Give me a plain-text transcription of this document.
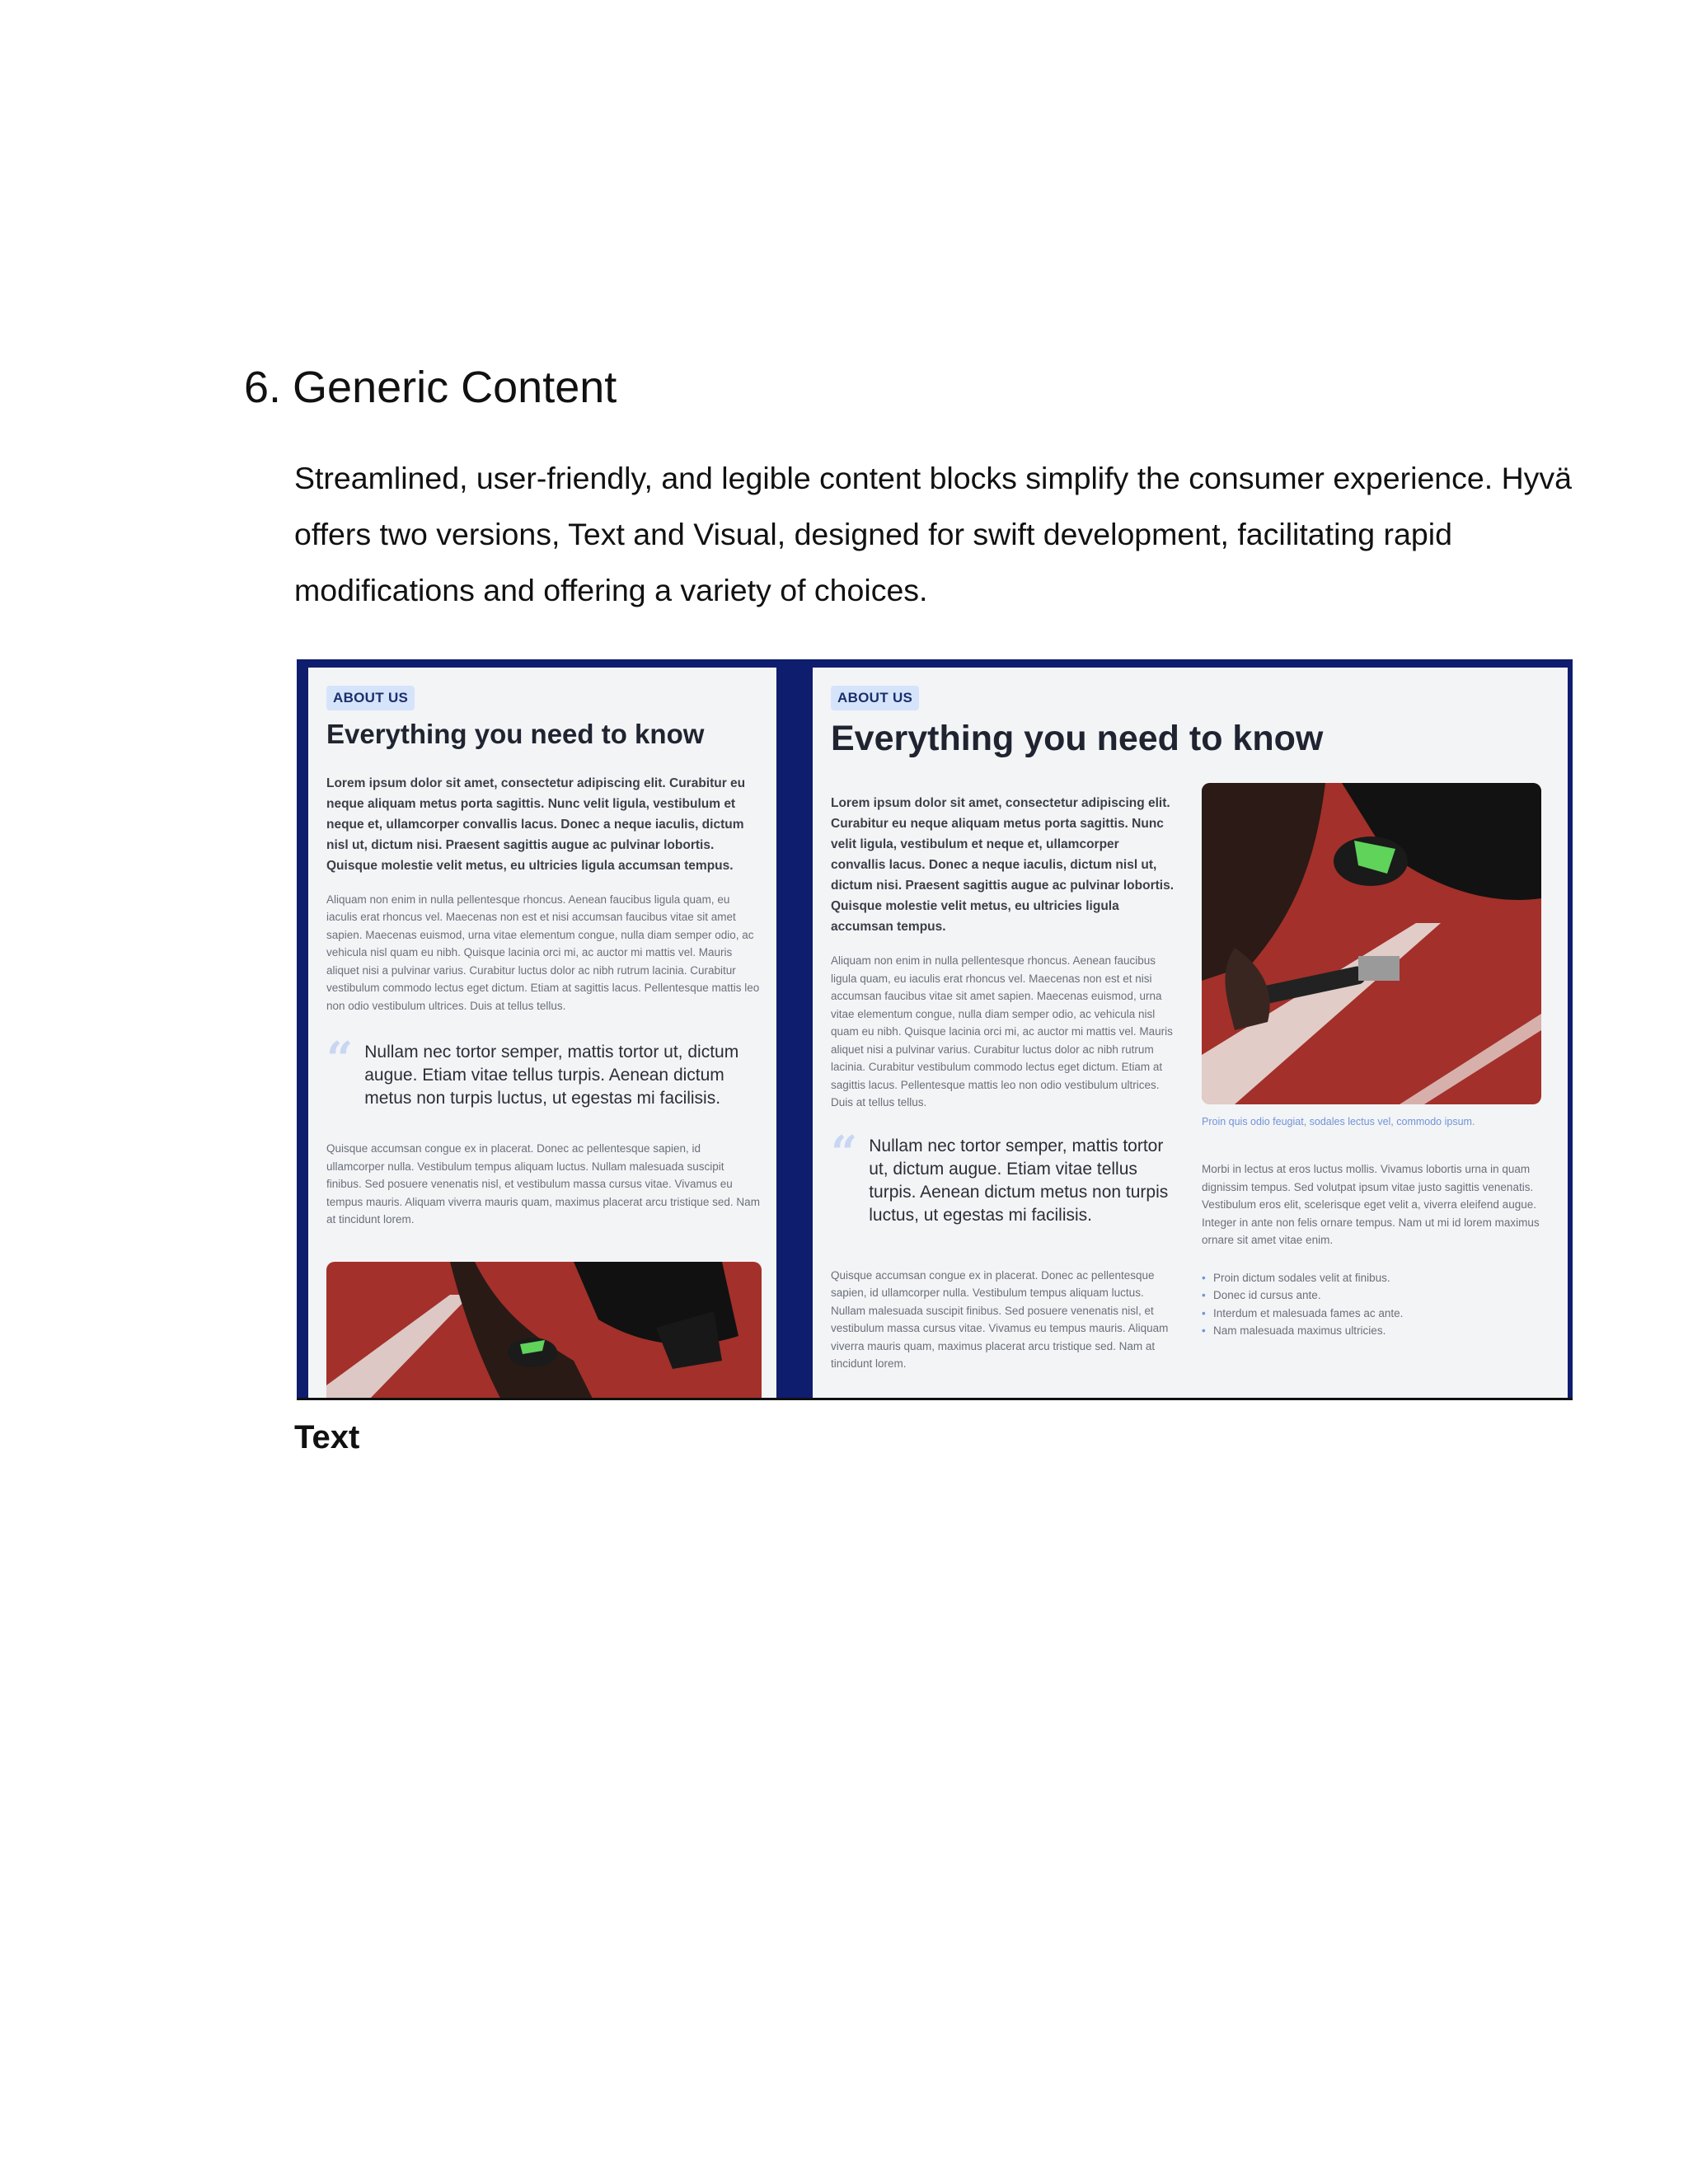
6. Generic Content

Streamlined, user-friendly, and legible content blocks simplify the consumer experience. Hyvä offers two versions, Text and Visual, designed for swift development, facilitating rapid modifications and offering a variety of choices.

ABOUT US
Everything you need to know
Lorem ipsum dolor sit amet, consectetur adipiscing elit. Curabitur eu neque aliquam metus porta sagittis. Nunc velit ligula, vestibulum et neque et, ullamcorper convallis lacus. Donec a neque iaculis, dictum nisl ut, dictum nisi. Praesent sagittis augue ac pulvinar lobortis. Quisque molestie velit metus, eu ultricies ligula accumsan tempus.
Aliquam non enim in nulla pellentesque rhoncus. Aenean faucibus ligula quam, eu iaculis erat rhoncus vel. Maecenas non est et nisi accumsan faucibus vitae sit amet sapien. Maecenas euismod, urna vitae elementum congue, nulla diam semper odio, ac vehicula nisl quam eu nibh. Quisque lacinia orci mi, ac auctor mi mattis vel. Mauris aliquet nisi a pulvinar varius. Curabitur luctus dolor ac nibh rutrum lacinia. Curabitur vestibulum commodo lectus eget dictum. Etiam at sagittis lacus. Pellentesque mattis leo non odio vestibulum ultrices. Duis at tellus tellus.
“ Nullam nec tortor semper, mattis tortor ut, dictum augue. Etiam vitae tellus turpis. Aenean dictum metus non turpis luctus, ut egestas mi facilisis.
Quisque accumsan congue ex in placerat. Donec ac pellentesque sapien, id ullamcorper nulla. Vestibulum tempus aliquam luctus. Nullam malesuada suscipit finibus. Sed posuere venenatis nisl, et vestibulum massa cursus vitae. Vivamus eu tempus mauris. Aliquam viverra mauris quam, maximus placerat arcu tristique sed. Nam at tincidunt lorem.
ABOUT US
Everything you need to know
Lorem ipsum dolor sit amet, consectetur adipiscing elit. Curabitur eu neque aliquam metus porta sagittis. Nunc velit ligula, vestibulum et neque et, ullamcorper convallis lacus. Donec a neque iaculis, dictum nisl ut, dictum nisi. Praesent sagittis augue ac pulvinar lobortis. Quisque molestie velit metus, eu ultricies ligula accumsan tempus.
Aliquam non enim in nulla pellentesque rhoncus. Aenean faucibus ligula quam, eu iaculis erat rhoncus vel. Maecenas non est et nisi accumsan faucibus vitae sit amet sapien. Maecenas euismod, urna vitae elementum congue, nulla diam semper odio, ac vehicula nisl quam eu nibh. Quisque lacinia orci mi, ac auctor mi mattis vel. Mauris aliquet nisi a pulvinar varius. Curabitur luctus dolor ac nibh rutrum lacinia. Curabitur vestibulum commodo lectus eget dictum. Etiam at sagittis lacus. Pellentesque mattis leo non odio vestibulum ultrices. Duis at tellus tellus.
“ Nullam nec tortor semper, mattis tortor ut, dictum augue. Etiam vitae tellus turpis. Aenean dictum metus non turpis luctus, ut egestas mi facilisis.
Quisque accumsan congue ex in placerat. Donec ac pellentesque sapien, id ullamcorper nulla. Vestibulum tempus aliquam luctus. Nullam malesuada suscipit finibus. Sed posuere venenatis nisl, et vestibulum massa cursus vitae. Vivamus eu tempus mauris. Aliquam viverra mauris quam, maximus placerat arcu tristique sed. Nam at tincidunt lorem.
Proin quis odio feugiat, sodales lectus vel, commodo ipsum.
Morbi in lectus at eros luctus mollis. Vivamus lobortis urna in quam dignissim tempus. Sed volutpat ipsum vitae justo sagittis venenatis. Vestibulum eros elit, scelerisque eget velit a, viverra eleifend augue. Integer in ante non felis ornare tempus. Nam ut mi id lorem maximus ornare sit amet vitae enim.
• Proin dictum sodales velit at finibus.
• Donec id cursus ante.
• Interdum et malesuada fames ac ante.
• Nam malesuada maximus ultricies.
Text
